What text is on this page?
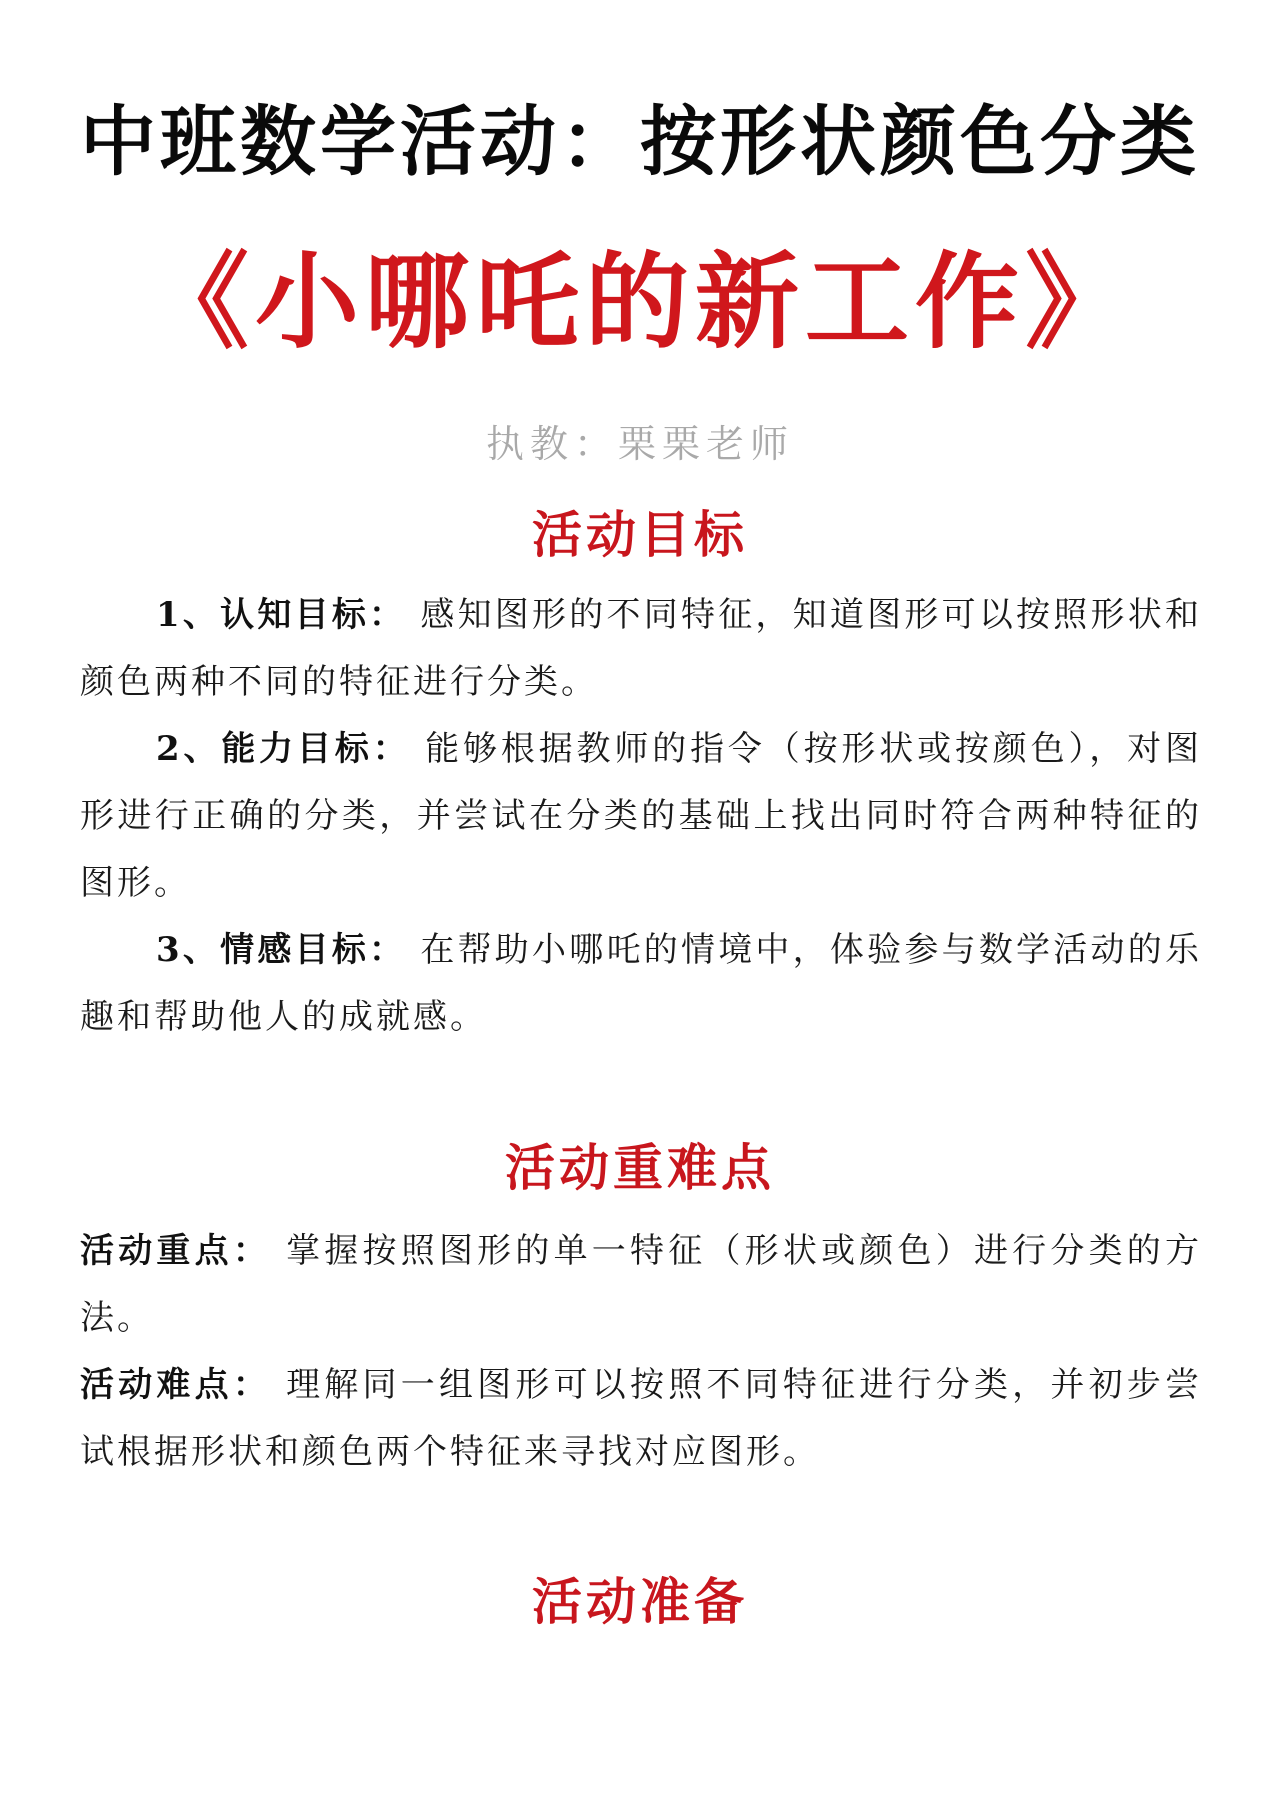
中班数学活动：按形状颜色分类
《小哪吒的新工作》
执教：栗栗老师
活动目标
1、认知目标： 感知图形的不同特征，知道图形可以按照形状和颜色两种不同的特征进行分类。
2、能力目标： 能够根据教师的指令（按形状或按颜色），对图形进行正确的分类，并尝试在分类的基础上找出同时符合两种特征的图形。
3、情感目标： 在帮助小哪吒的情境中，体验参与数学活动的乐趣和帮助他人的成就感。
活动重难点
活动重点： 掌握按照图形的单一特征（形状或颜色）进行分类的方法。
活动难点： 理解同一组图形可以按照不同特征进行分类，并初步尝试根据形状和颜色两个特征来寻找对应图形。
活动准备
